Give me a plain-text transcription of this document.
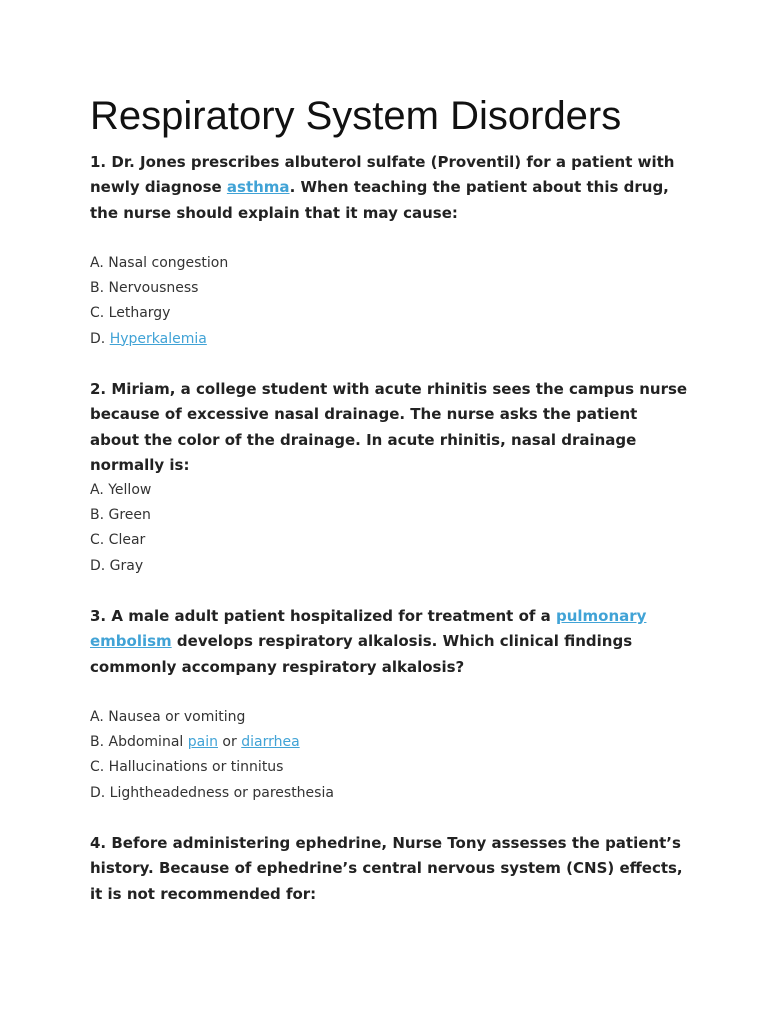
Respiratory System Disorders

1. Dr. Jones prescribes albuterol sulfate (Proventil) for a patient with newly diagnose asthma. When teaching the patient about this drug, the nurse should explain that it may cause:

A. Nasal congestion
B. Nervousness
C. Lethargy
D. Hyperkalemia

2. Miriam, a college student with acute rhinitis sees the campus nurse because of excessive nasal drainage. The nurse asks the patient about the color of the drainage. In acute rhinitis, nasal drainage normally is:

A. Yellow
B. Green
C. Clear
D. Gray

3. A male adult patient hospitalized for treatment of a pulmonary embolism develops respiratory alkalosis. Which clinical findings commonly accompany respiratory alkalosis?

A. Nausea or vomiting
B. Abdominal pain or diarrhea
C. Hallucinations or tinnitus
D. Lightheadedness or paresthesia

4. Before administering ephedrine, Nurse Tony assesses the patient’s history. Because of ephedrine’s central nervous system (CNS) effects, it is not recommended for:
